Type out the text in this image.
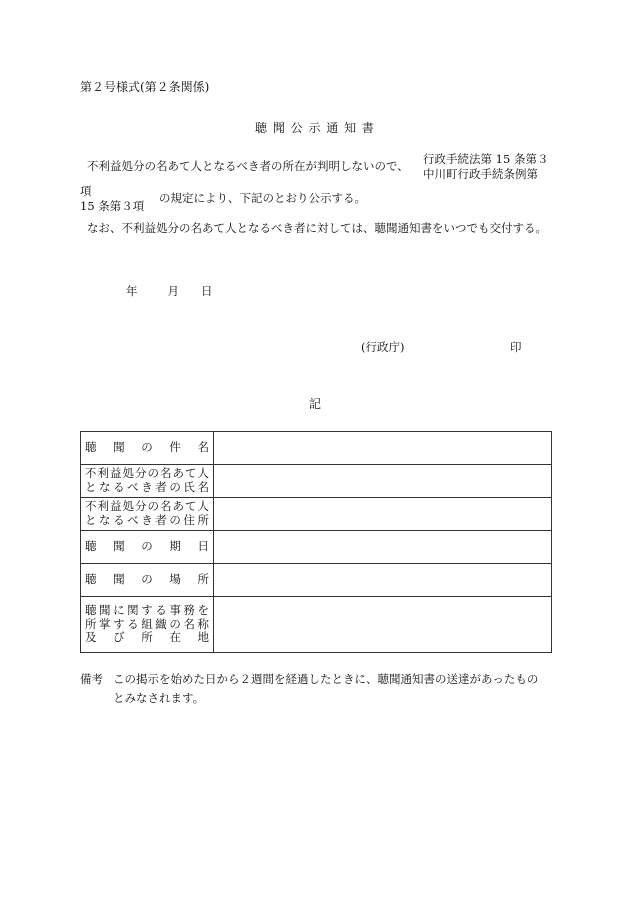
第２号様式(第２条関係)
聴 聞 公 示 通 知 書
不利益処分の名あて人となるべき者の所在が判明しないので、 行政手続法第 15 条第３
中川町行政手続条例第
項	の規定により、下記のとおり公示する。
15 条第３項
なお、不利益処分の名あて人となるべき者に対しては、聴聞通知書をいつでも交付する。
年	月 日
(行政庁)	印
記
聴 聞 の 件 名	

不利益処分の名あて人
となるべき者の氏名	

不利益処分の名あて人
となるべき者の住所	

聴 聞 の 期 日	

聴 聞 の 場 所	

聴聞に関する事務を
所掌する組織の名称
及 び 所 在 地	

備考 この掲示を始めた日から２週間を経過したときに、聴聞通知書の送達があったもの
とみなされます。
